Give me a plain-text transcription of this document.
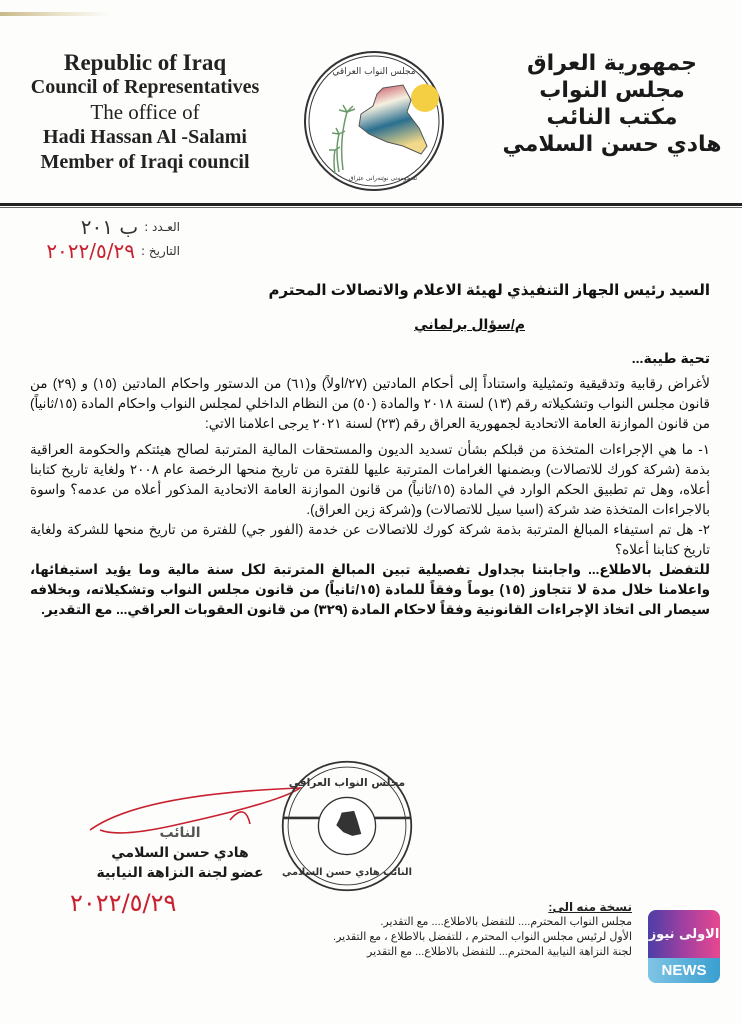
Republic of Iraq
Council of Representatives
The office of
Hadi Hassan Al -Salami
Member of Iraqi council
مجلس النواب العراقي
ئەنجومەنی نوێنەرانی عێراق
جمهورية العراق
مجلس النواب
مكتب النائب
هادي حسن السلامي
العـدد :
ب ٢٠١
التاريخ :
٢٠٢٢/٥/٢٩
السيد رئيس الجهاز التنفيذي لهيئة الاعلام والاتصالات المحترم
م/سؤال برلماني
تحية طيبة...
لأغراض رقابية وتدقيقية وتمثيلية واستناداً إلى أحكام المادتين (٢٧/اولاً) و(٦١) من الدستور واحكام المادتين (١٥) و (٢٩) من قانون مجلس النواب وتشكيلاته رقم (١٣) لسنة ٢٠١٨ والمادة (٥٠) من النظام الداخلي لمجلس النواب واحكام المادة (١٥/ثانياً) من قانون الموازنة العامة الاتحادية لجمهورية العراق رقم (٢٣) لسنة ٢٠٢١ يرجى اعلامنا الاتي:
١- ما هي الإجراءات المتخذة من قبلكم بشأن تسديد الديون والمستحقات المالية المترتبة لصالح هيئتكم والحكومة العراقية بذمة (شركة كورك للاتصالات) وبضمنها الغرامات المترتبة عليها للفترة من تاريخ منحها الرخصة عام ٢٠٠٨ ولغاية تاريخ كتابنا أعلاه، وهل تم تطبيق الحكم الوارد في المادة (١٥/ثانياً) من قانون الموازنة العامة الاتحادية المذكور أعلاه من عدمه؟ واسوة بالاجراءات المتخذة ضد شركة (اسيا سيل للاتصالات) و(شركة زين العراق).
٢- هل تم استيفاء المبالغ المترتبة بذمة شركة كورك للاتصالات عن خدمة (الفور جي) للفترة من تاريخ منحها للشركة ولغاية تاريخ كتابنا أعلاه؟
للتفضل بالاطلاع... واجابتنا بجداول تفصيلية تبين المبالغ المترتبة لكل سنة مالية وما يؤيد استيفائها، واعلامنا خلال مدة لا تتجاوز (١٥) يوماً وفقاً للمادة (١٥/ثانياً) من قانون مجلس النواب وتشكيلاته، وبخلافه سيصار الى اتخاذ الإجراءات القانونية وفقاً لاحكام المادة (٣٢٩) من قانون العقوبات العراقي... مع التقدير.
مجلس النواب العراقي
النائب هادي حسن السلامي
النائب
هادي حسن السلامي
عضو لجنة النزاهة النيابية
٢٠٢٢/٥/٢٩	نسخة منه الى:
مجلس النواب المحترم.... للتفضل بالاطلاع.... مع التقدير.
الأول لرئيس مجلس النواب المحترم ، للتفضل بالاطلاع ، مع التقدير.
لجنة النزاهة النيابية المحترم... للتفضل بالاطلاع... مع التقدير
الاولى نيوز
NEWS
